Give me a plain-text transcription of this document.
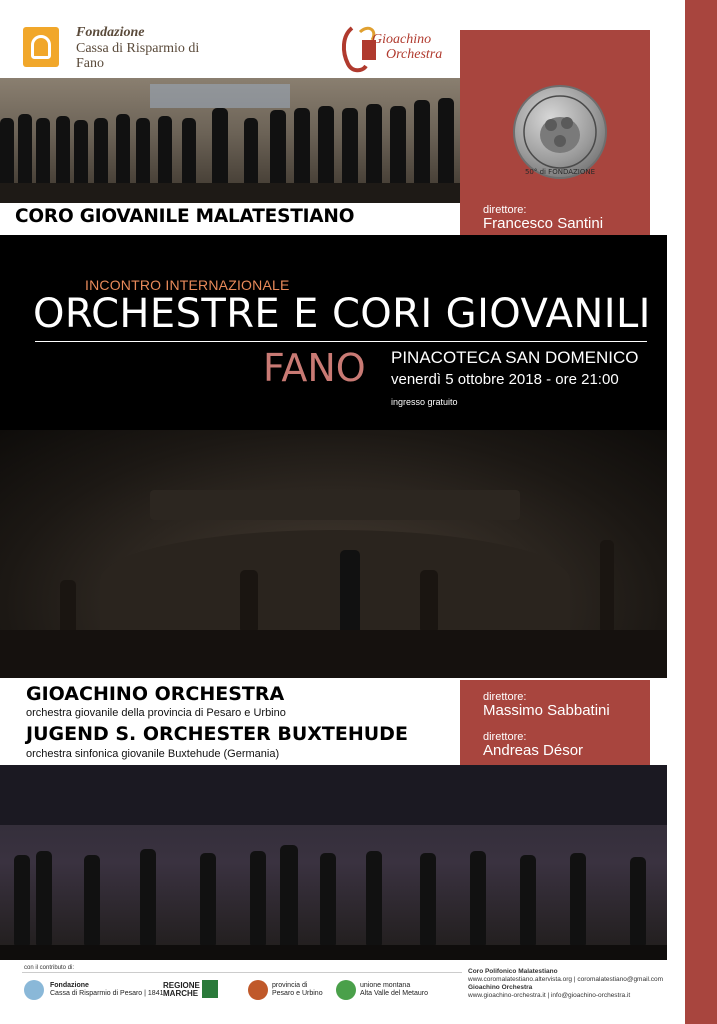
Fondazione
Cassa di Risparmio di Fano
Gioachino
Orchestra
50° di FONDAZIONE
CORO GIOVANILE MALATESTIANO	direttore:
Francesco Santini
INCONTRO INTERNAZIONALE
ORCHESTRE E CORI GIOVANILI
FANO PINACOTECA SAN DOMENICO
venerdì 5 ottobre 2018 - ore 21:00
ingresso gratuito
GIOACHINO ORCHESTRA
orchestra giovanile della provincia di Pesaro e Urbino
JUGEND S. ORCHESTER BUXTEHUDE
orchestra sinfonica giovanile Buxtehude (Germania)
direttore:
Massimo Sabbatini
direttore:
Andreas Désor
con il contributo di:
Fondazione
Cassa di Risparmio di Pesaro | 1841
REGIONE
MARCHE
provincia di
Pesaro e Urbino
unione montana
Alta Valle del Metauro
Coro Polifonico Malatestiano
www.coromalatestiano.altervista.org | coromalatestiano@gmail.com
Gioachino Orchestra
www.gioachino-orchestra.it | info@gioachino-orchestra.it
